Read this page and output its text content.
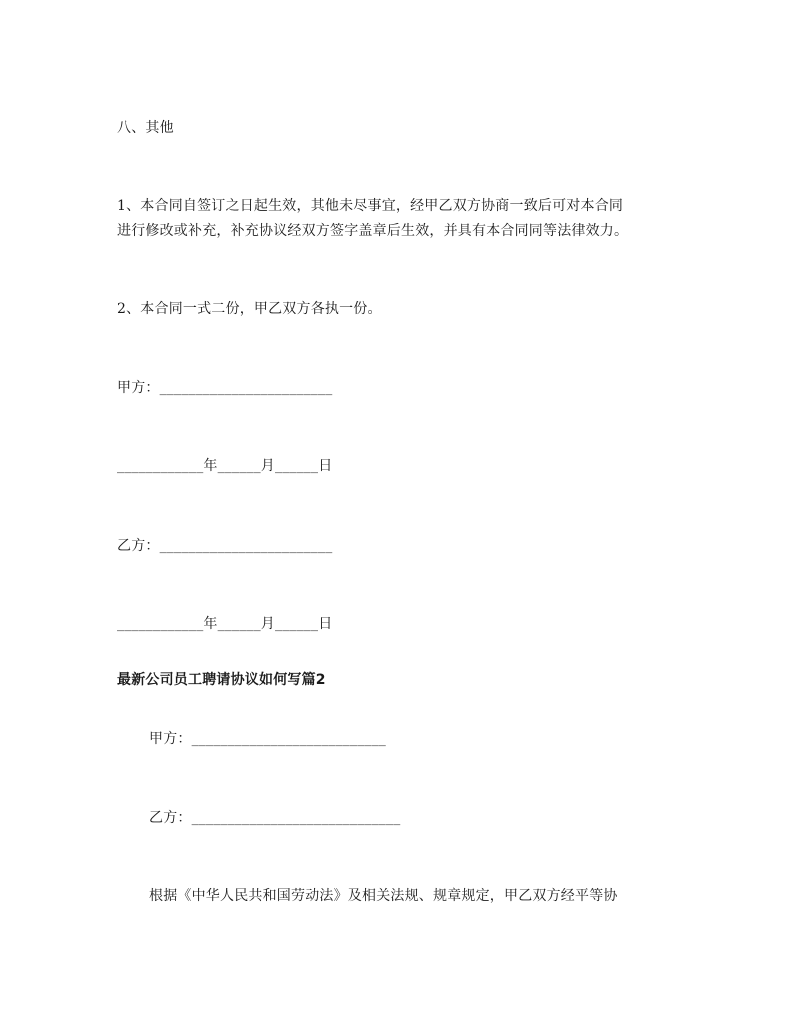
八、其他
1、本合同自签订之日起生效，其他未尽事宜，经甲乙双方协商一致后可对本合同
进行修改或补充，补充协议经双方签字盖章后生效，并具有本合同同等法律效力。
2、本合同一式二份，甲乙双方各执一份。
甲方：________________________
____________年______月______日
乙方：________________________
____________年______月______日
最新公司员工聘请协议如何写篇2
甲方：___________________________
乙方：_____________________________
根据《中华人民共和国劳动法》及相关法规、规章规定，甲乙双方经平等协
